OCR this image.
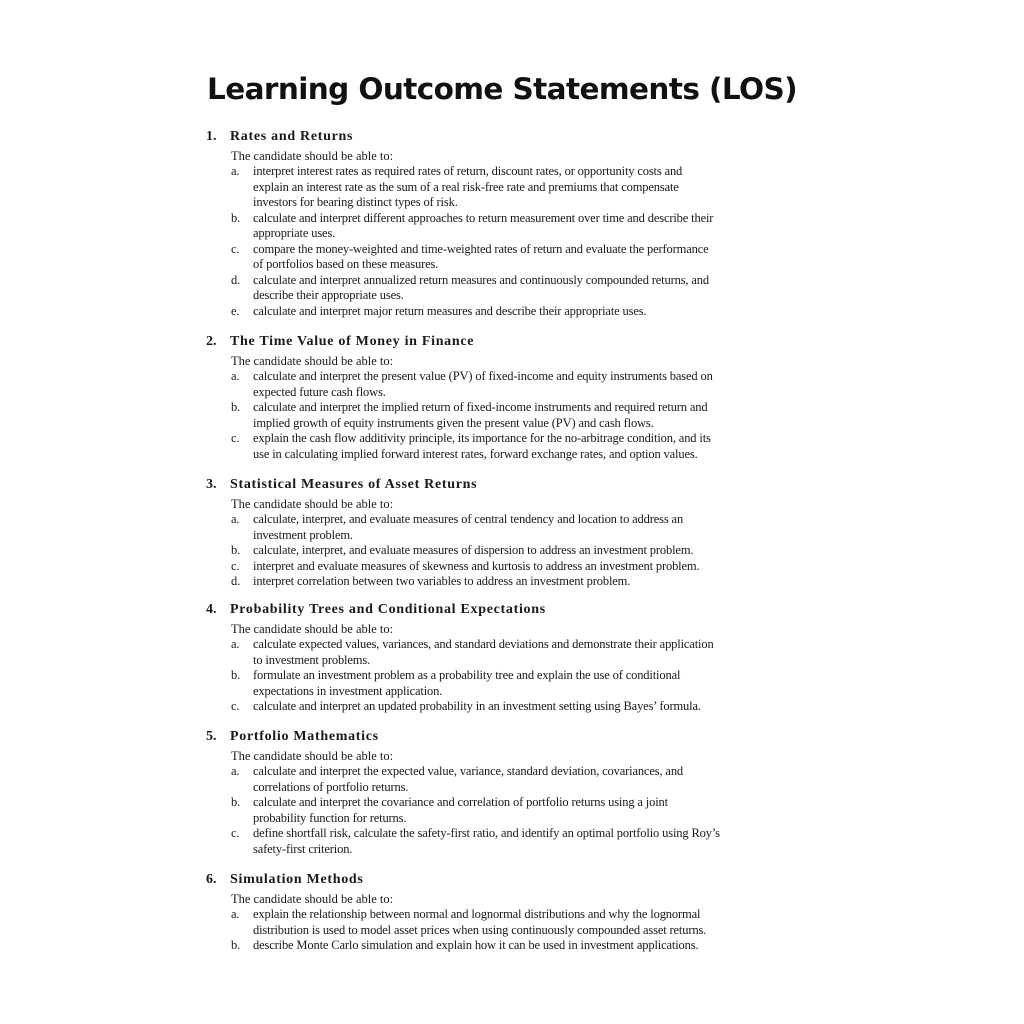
Learning Outcome Statements (LOS)
1. Rates and Returns
The candidate should be able to:
a. interpret interest rates as required rates of return, discount rates, or opportunity costs and
explain an interest rate as the sum of a real risk-free rate and premiums that compensate
investors for bearing distinct types of risk.
b. calculate and interpret different approaches to return measurement over time and describe their
appropriate uses.
c. compare the money-weighted and time-weighted rates of return and evaluate the performance
of portfolios based on these measures.
d. calculate and interpret annualized return measures and continuously compounded returns, and
describe their appropriate uses.
e. calculate and interpret major return measures and describe their appropriate uses.
2. The Time Value of Money in Finance
The candidate should be able to:
a. calculate and interpret the present value (PV) of fixed-income and equity instruments based on
expected future cash flows.
b. calculate and interpret the implied return of fixed-income instruments and required return and
implied growth of equity instruments given the present value (PV) and cash flows.
c. explain the cash flow additivity principle, its importance for the no-arbitrage condition, and its
use in calculating implied forward interest rates, forward exchange rates, and option values.
3. Statistical Measures of Asset Returns
The candidate should be able to:
a. calculate, interpret, and evaluate measures of central tendency and location to address an
investment problem.
b. calculate, interpret, and evaluate measures of dispersion to address an investment problem.
c. interpret and evaluate measures of skewness and kurtosis to address an investment problem.
d. interpret correlation between two variables to address an investment problem.
4. Probability Trees and Conditional Expectations
The candidate should be able to:
a. calculate expected values, variances, and standard deviations and demonstrate their application
to investment problems.
b. formulate an investment problem as a probability tree and explain the use of conditional
expectations in investment application.
c. calculate and interpret an updated probability in an investment setting using Bayes’ formula.
5. Portfolio Mathematics
The candidate should be able to:
a. calculate and interpret the expected value, variance, standard deviation, covariances, and
correlations of portfolio returns.
b. calculate and interpret the covariance and correlation of portfolio returns using a joint
probability function for returns.
c. define shortfall risk, calculate the safety-first ratio, and identify an optimal portfolio using Roy’s
safety-first criterion.
6. Simulation Methods
The candidate should be able to:
a. explain the relationship between normal and lognormal distributions and why the lognormal
distribution is used to model asset prices when using continuously compounded asset returns.
b. describe Monte Carlo simulation and explain how it can be used in investment applications.
